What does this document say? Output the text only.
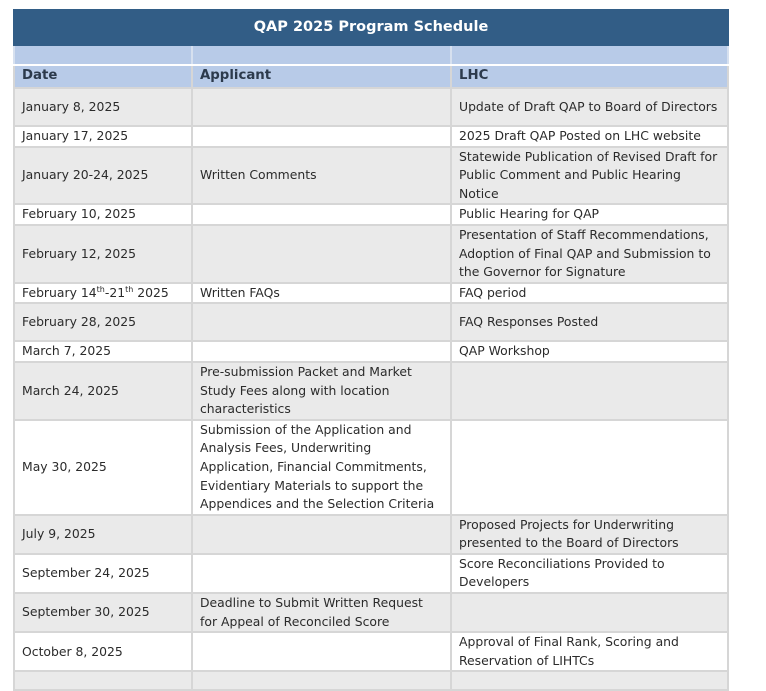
QAP 2025 Program Schedule		

Date	Applicant	LHC
January 8, 2025		Update of Draft QAP to Board of Directors
January 17, 2025		2025 Draft QAP Posted on LHC website
January 20-24, 2025	Written Comments	Statewide Publication of Revised Draft for Public Comment and Public Hearing Notice
February 10, 2025		Public Hearing for QAP
February 12, 2025		Presentation of Staff Recommendations, Adoption of Final QAP and Submission to the Governor for Signature
February 14th-21th 2025	Written FAQs	FAQ period
February 28, 2025		FAQ Responses Posted
March 7, 2025		QAP Workshop
March 24, 2025	Pre-submission Packet and Market Study Fees along with location characteristics	
May 30, 2025	Submission of the Application and Analysis Fees, Underwriting Application, Financial Commitments, Evidentiary Materials to support the Appendices and the Selection Criteria	
July 9, 2025		Proposed Projects for Underwriting presented to the Board of Directors
September 24, 2025		Score Reconciliations Provided to Developers
September 30, 2025	Deadline to Submit Written Request for Appeal of Reconciled Score	
October 8, 2025		Approval of Final Rank, Scoring and Reservation of LIHTCs
